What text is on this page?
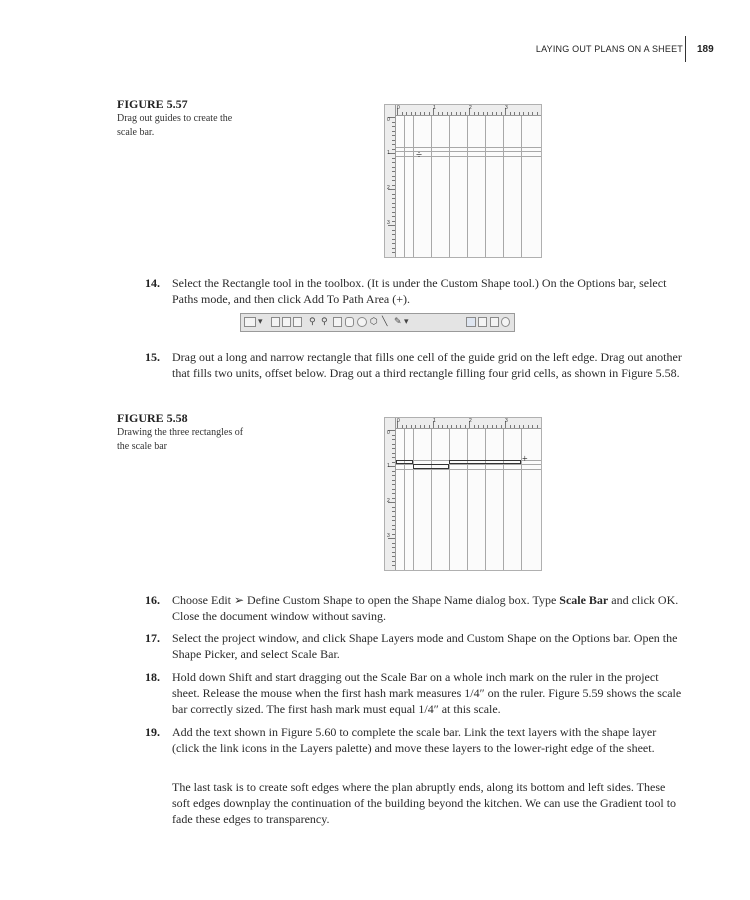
LAYING OUT PLANS ON A SHEET 189
FIGURE 5.57
Drag out guides to create the scale bar.
0	1	2	3
0
1
2
3
÷
14. Select the Rectangle tool in the toolbox. (It is under the Custom Shape tool.) On the Options bar, select Paths mode, and then click Add To Path Area (+).
▾	⚲ ⚲	⬡ ╲ ✎ ▾
15. Drag out a long and narrow rectangle that fills one cell of the guide grid on the left edge. Drag out another that fills two units, offset below. Drag out a third rectangle filling four grid cells, as shown in Figure 5.58.
FIGURE 5.58
Drawing the three rectangles of the scale bar
0	1	2	3
0
1
2
3
+
16. Choose Edit ➢ Define Custom Shape to open the Shape Name dialog box. Type Scale Bar and click OK. Close the document window without saving.
17. Select the project window, and click Shape Layers mode and Custom Shape on the Options bar. Open the Shape Picker, and select Scale Bar.
18. Hold down Shift and start dragging out the Scale Bar on a whole inch mark on the ruler in the project sheet. Release the mouse when the first hash mark measures 1/4″ on the ruler. Figure 5.59 shows the scale bar correctly sized. The first hash mark must equal 1/4″ at this scale.
19. Add the text shown in Figure 5.60 to complete the scale bar. Link the text layers with the shape layer (click the link icons in the Layers palette) and move these layers to the lower-right edge of the sheet.
The last task is to create soft edges where the plan abruptly ends, along its bottom and left sides. These soft edges downplay the continuation of the building beyond the kitchen. We can use the Gradient tool to fade these edges to transparency.
